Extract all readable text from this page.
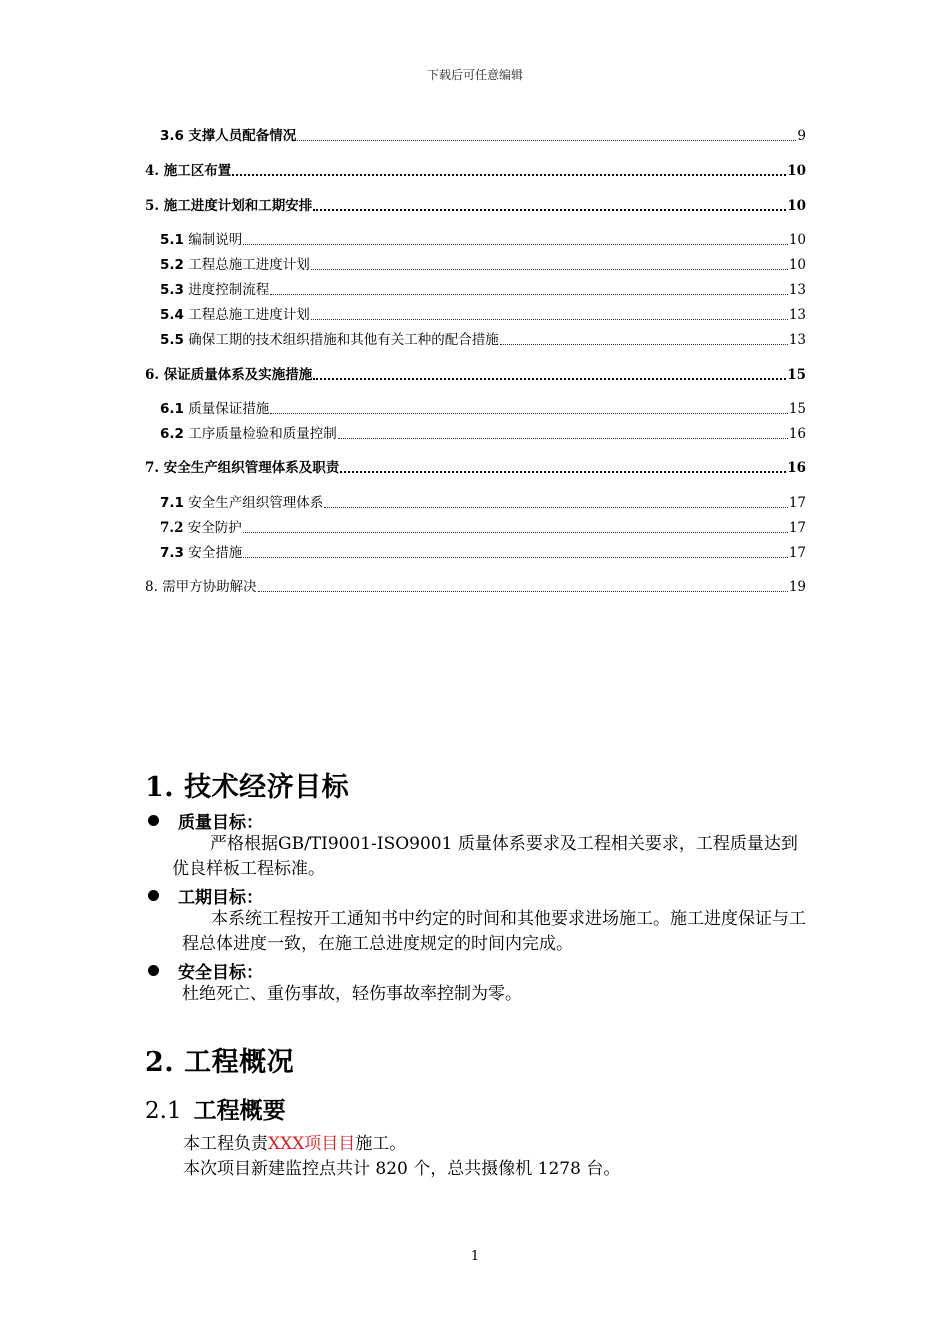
下载后可任意编辑
3.6 支撑人员配备情况	9
4. 施工区布置	10
5. 施工进度计划和工期安排	10
5.1 编制说明	10
5.2 工程总施工进度计划	10
5.3 进度控制流程	13
5.4 工程总施工进度计划	13
5.5 确保工期的技术组织措施和其他有关工种的配合措施	13
6. 保证质量体系及实施措施	15
6.1 质量保证措施	15
6.2 工序质量检验和质量控制	16
7. 安全生产组织管理体系及职责	16
7.1 安全生产组织管理体系	17
7.2 安全防护	17
7.3 安全措施	17
8. 需甲方协助解决	19
1. 技术经济目标
质量目标：
严格根据GB/TI9001-ISO9001 质量体系要求及工程相关要求，工程质量达到优良样板工程标准。
工期目标：
本系统工程按开工通知书中约定的时间和其他要求进场施工。施工进度保证与工程总体进度一致，在施工总进度规定的时间内完成。
安全目标：
杜绝死亡、重伤事故，轻伤事故率控制为零。
2. 工程概况
2.1 工程概要
本工程负责XXX项目目施工。
本次项目新建监控点共计 820 个，总共摄像机 1278 台。
1
